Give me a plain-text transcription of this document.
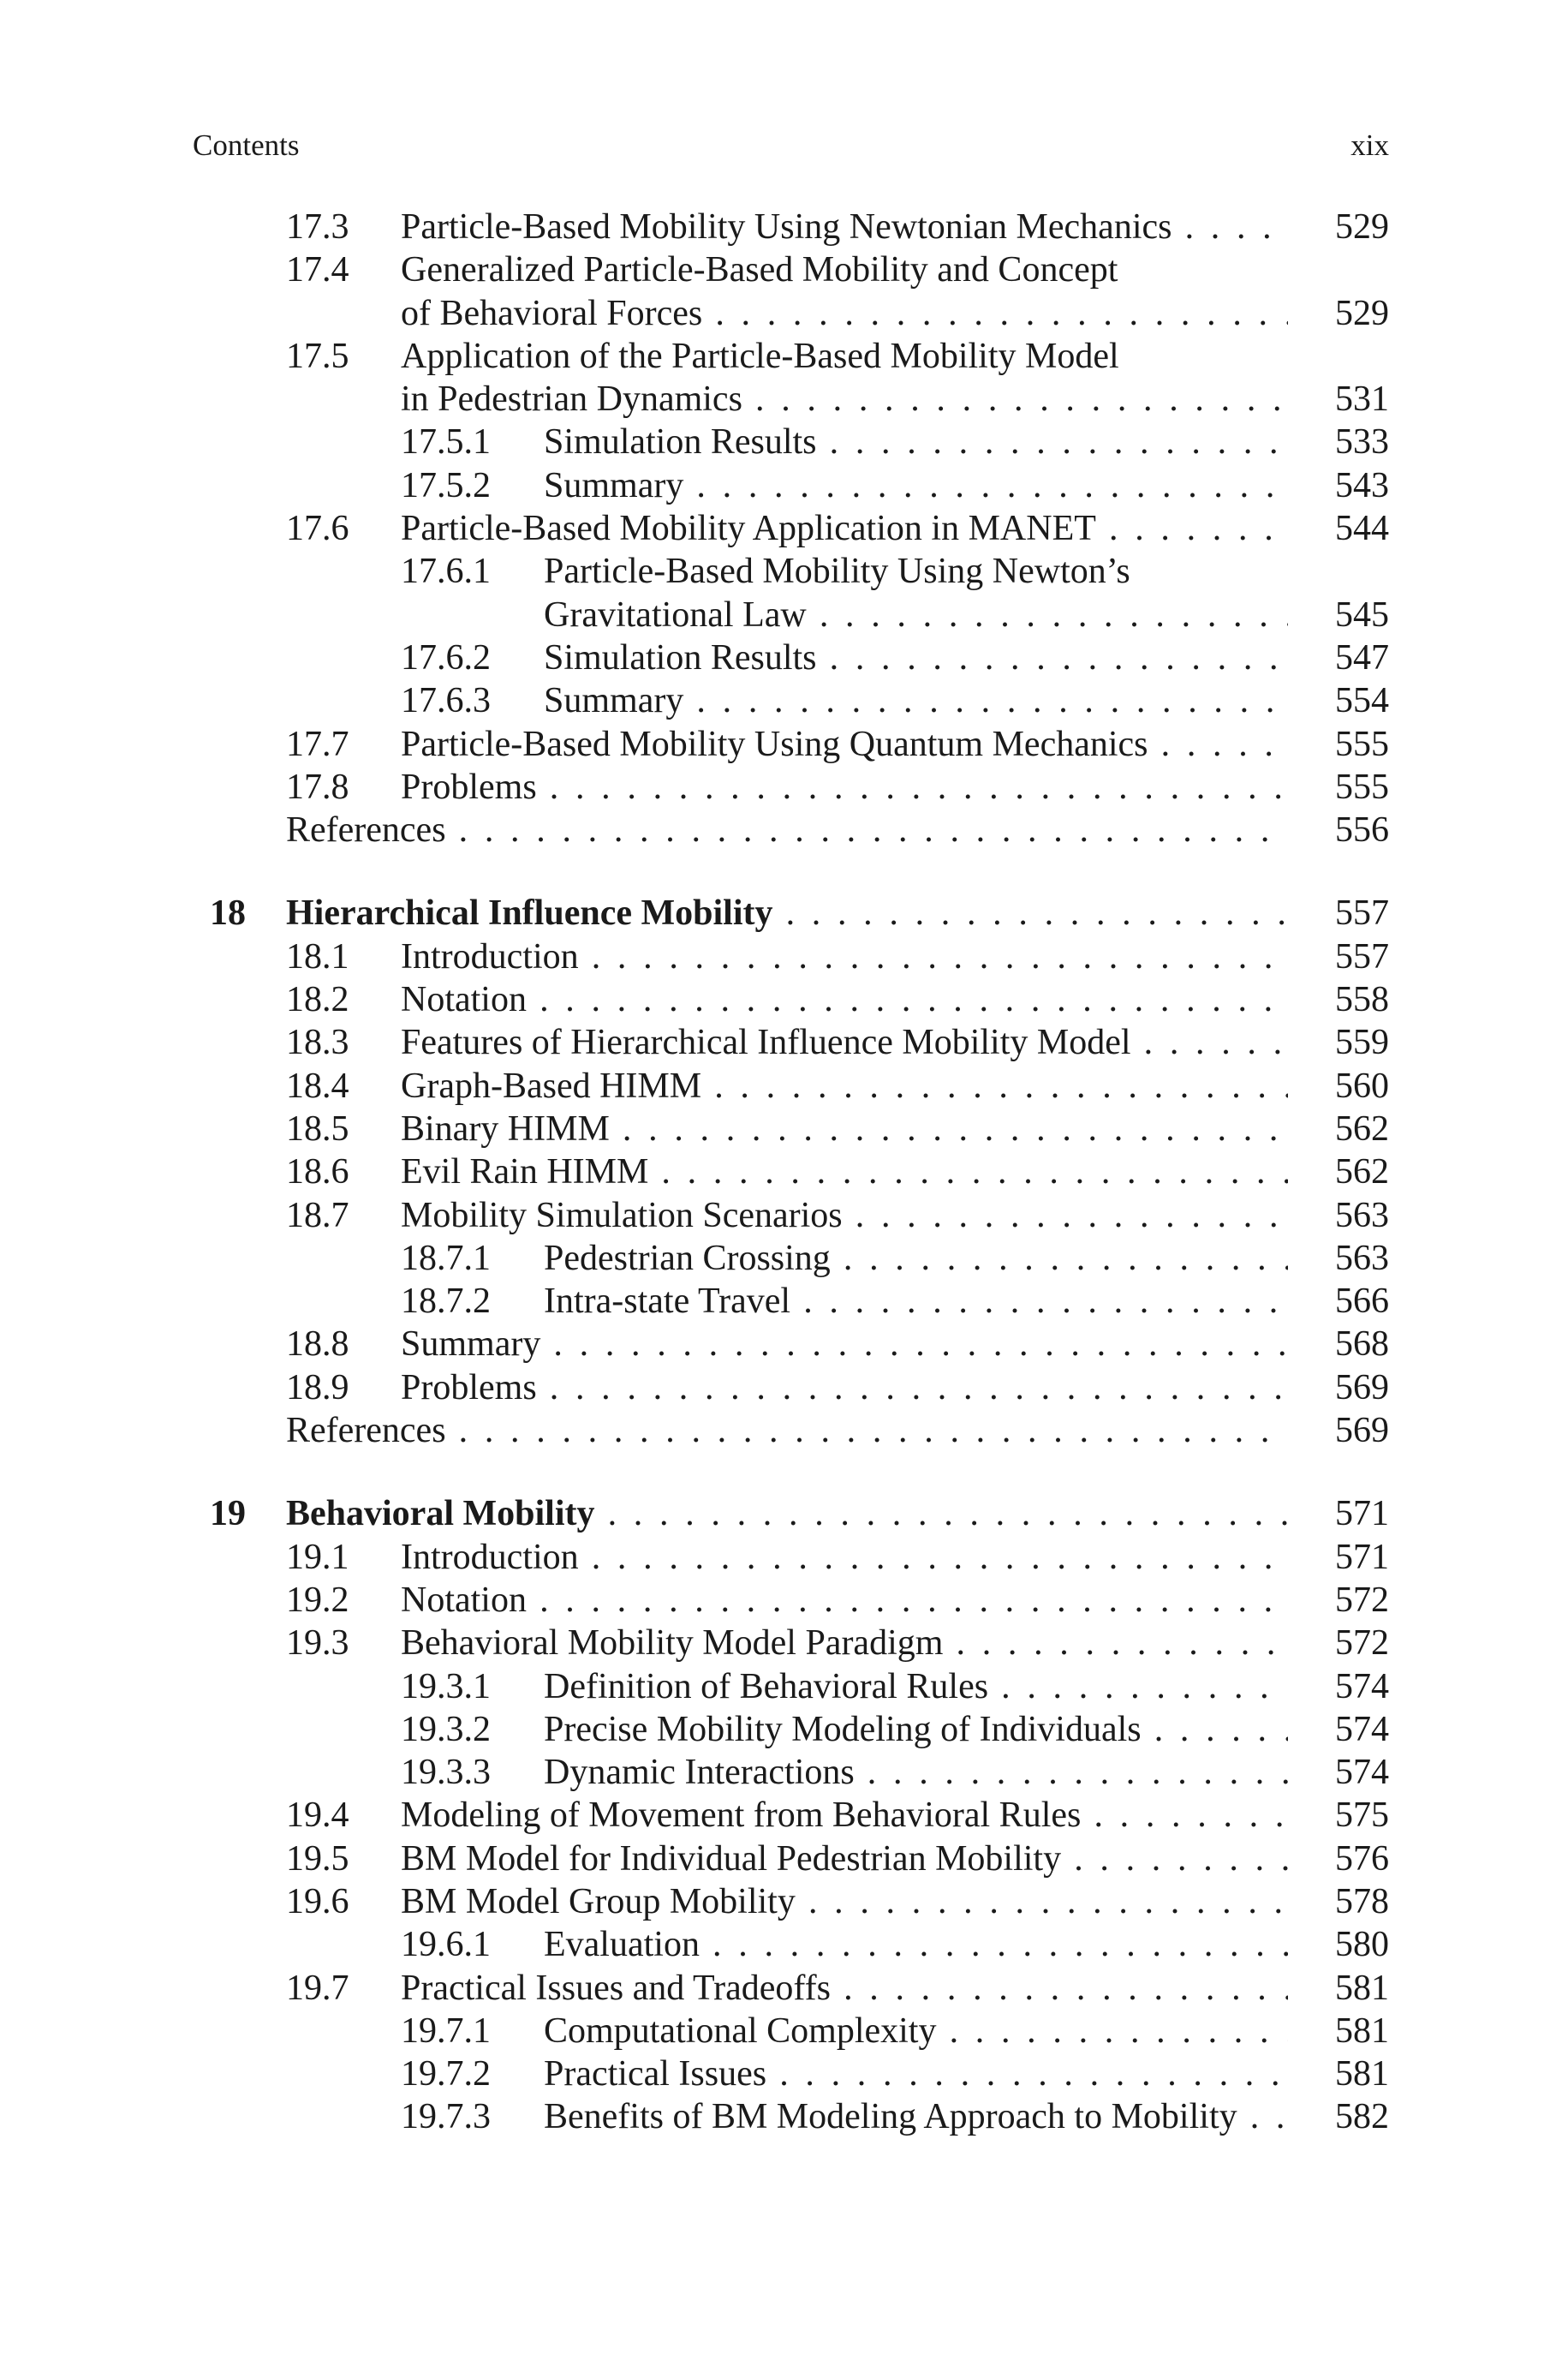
Contents	xix
17.3 Particle-Based Mobility Using Newtonian Mechanics . . .	529
17.4 Generalized Particle-Based Mobility and Concept
of Behavioral Forces . . .	529
17.5 Application of the Particle-Based Mobility Model
in Pedestrian Dynamics . . .	531
17.5.1 Simulation Results . . .	533
17.5.2 Summary . . .	543
17.6 Particle-Based Mobility Application in MANET . . .	544
17.6.1 Particle-Based Mobility Using Newton’s
Gravitational Law . . .	545
17.6.2 Simulation Results . . .	547
17.6.3 Summary . . .	554
17.7 Particle-Based Mobility Using Quantum Mechanics . . .	555
17.8 Problems . . .	555
References . . .	556
18 Hierarchical Influence Mobility . . .	557
18.1 Introduction . . .	557
18.2 Notation . . .	558
18.3 Features of Hierarchical Influence Mobility Model . . .	559
18.4 Graph-Based HIMM . . .	560
18.5 Binary HIMM . . .	562
18.6 Evil Rain HIMM . . .	562
18.7 Mobility Simulation Scenarios . . .	563
18.7.1 Pedestrian Crossing . . .	563
18.7.2 Intra-state Travel . . .	566
18.8 Summary . . .	568
18.9 Problems . . .	569
References . . .	569
19 Behavioral Mobility . . .	571
19.1 Introduction . . .	571
19.2 Notation . . .	572
19.3 Behavioral Mobility Model Paradigm . . .	572
19.3.1 Definition of Behavioral Rules . . .	574
19.3.2 Precise Mobility Modeling of Individuals . . .	574
19.3.3 Dynamic Interactions . . .	574
19.4 Modeling of Movement from Behavioral Rules . . .	575
19.5 BM Model for Individual Pedestrian Mobility . . .	576
19.6 BM Model Group Mobility . . .	578
19.6.1 Evaluation . . .	580
19.7 Practical Issues and Tradeoffs . . .	581
19.7.1 Computational Complexity . . .	581
19.7.2 Practical Issues . . .	581
19.7.3 Benefits of BM Modeling Approach to Mobility . . .	582
